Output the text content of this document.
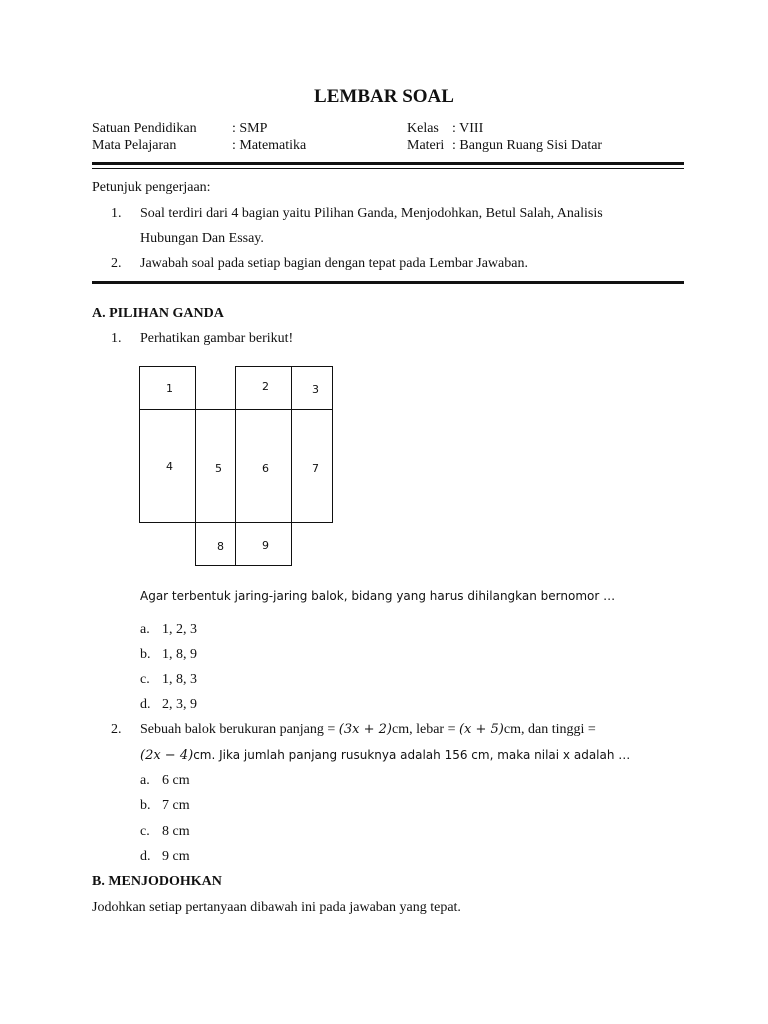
LEMBAR SOAL
Satuan Pendidikan	: SMP
Mata Pelajaran	: Matematika
Kelas : VIII
Materi : Bangun Ruang Sisi Datar
Petunjuk pengerjaan:
1. Soal terdiri dari 4 bagian yaitu Pilihan Ganda, Menjodohkan, Betul Salah, Analisis
Hubungan Dan Essay.
2. Jawabah soal pada setiap bagian dengan tepat pada Lembar Jawaban.
A. PILIHAN GANDA
1. Perhatikan gambar berikut!
1	2	3
4	5	6	7
8	9
Agar terbentuk jaring-jaring balok, bidang yang harus dihilangkan bernomor …
a. 1, 2, 3
b. 1, 8, 9
c. 1, 8, 3
d. 2, 3, 9
2. Sebuah balok berukuran panjang = (3x + 2)cm, lebar = (x + 5)cm, dan tinggi =
(2x − 4)cm. Jika jumlah panjang rusuknya adalah 156 cm, maka nilai x adalah …
a. 6 cm
b. 7 cm
c. 8 cm
d. 9 cm
B. MENJODOHKAN
Jodohkan setiap pertanyaan dibawah ini pada jawaban yang tepat.
